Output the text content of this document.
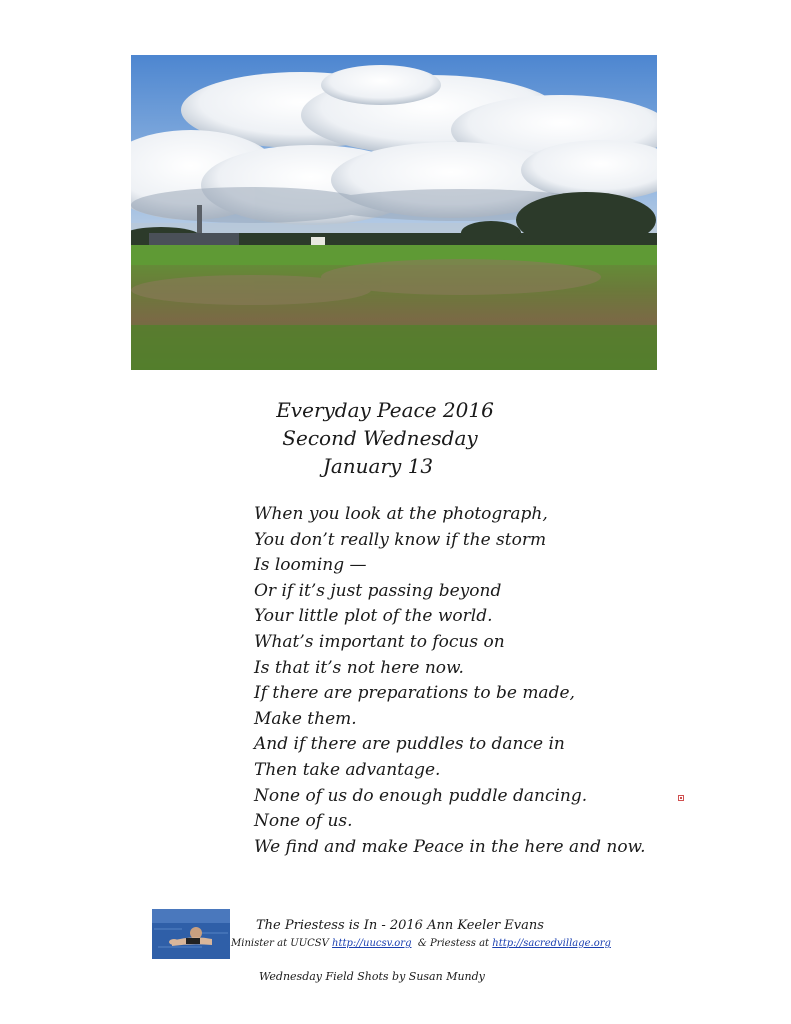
Everyday Peace 2016
Second Wednesday
January 13
When you look at the photograph,
You don’t really know if the storm
Is looming —
Or if it’s just passing beyond
Your little plot of the world.
What’s important to focus on
Is that it’s not here now.
If there are preparations to be made,
Make them.
And if there are puddles to dance in
Then take advantage.
None of us do enough puddle dancing.
None of us.
We find and make Peace in the here and now.
The Priestess is In - 2016 Ann Keeler Evans
Minister at UUCSV http://uucsv.org & Priestess at http://sacredvillage.org
Wednesday Field Shots by Susan Mundy
